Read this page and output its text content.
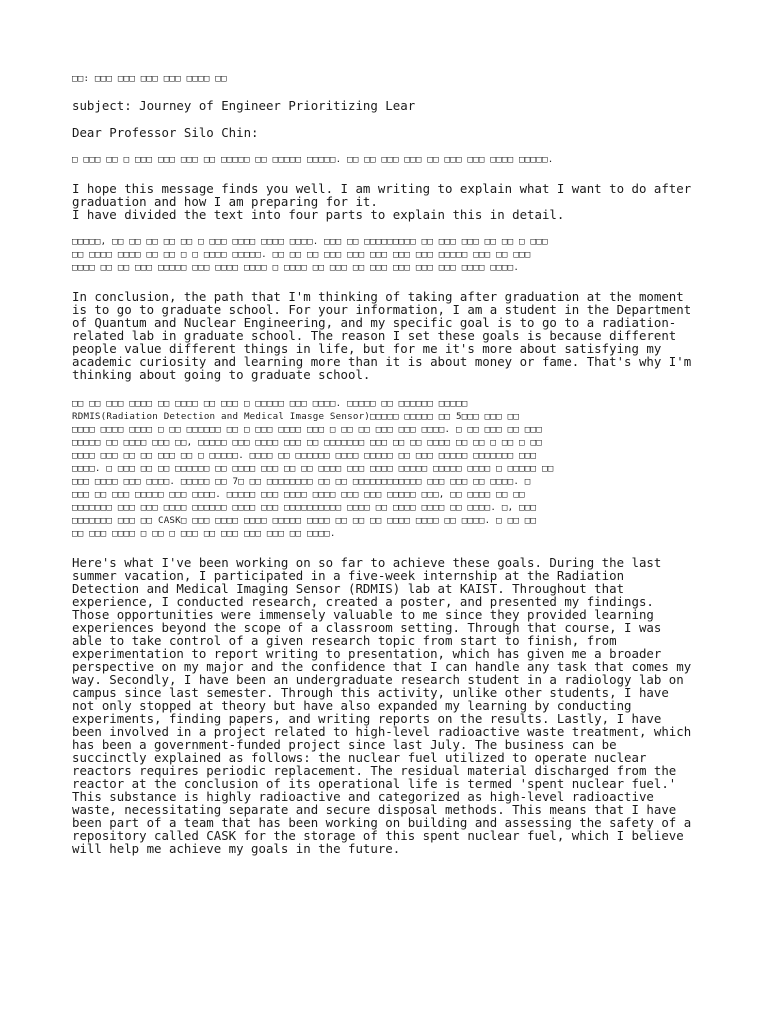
□□: □□□ □□□ □□□ □□□ □□□□ □□
subject: Journey of Engineer Prioritizing Lear
Dear Professor Silo Chin:
□ □□□ □□ □ □□□ □□□ □□□ □□ □□□□□ □□ □□□□□ □□□□□. □□ □□ □□□ □□□ □□ □□□ □□□ □□□□ □□□□□.
I hope this message finds you well. I am writing to explain what I want to do after
graduation and how I am preparing for it.
I have divided the text into four parts to explain this in detail.
□□□□□, □□ □□ □□ □□ □□ □ □□□ □□□□ □□□□ □□□□. □□□ □□ □□□□□□□□□ □□ □□□ □□□ □□ □□ □ □□□
□□ □□□□ □□□□ □□ □□ □ □ □□□□ □□□□□. □□ □□ □□ □□□ □□□ □□□ □□□ □□□ □□□□□ □□□ □□ □□□
□□□□ □□ □□ □□□ □□□□□ □□□ □□□□ □□□□ □ □□□□ □□ □□□ □□ □□□ □□□ □□□ □□□ □□□□ □□□□.
In conclusion, the path that I'm thinking of taking after graduation at the moment
is to go to graduate school. For your information, I am a student in the Department
of Quantum and Nuclear Engineering, and my specific goal is to go to a radiation-
related lab in graduate school. The reason I set these goals is because different
people value different things in life, but for me it's more about satisfying my
academic curiosity and learning more than it is about money or fame. That's why I'm
thinking about going to graduate school.
□□ □□ □□□ □□□□ □□ □□□□ □□ □□□ □ □□□□□ □□□ □□□□. □□□□□ □□ □□□□□□ □□□□□
RDMIS(Radiation Detection and Medical Imasge Sensor)□□□□□ □□□□□ □□ 5□□□ □□□ □□
□□□□ □□□□ □□□□ □ □□ □□□□□□ □□ □ □□□ □□□□ □□□ □ □□ □□ □□□ □□□ □□□□. □ □□ □□□ □□ □□□
□□□□□ □□ □□□□ □□□ □□, □□□□□ □□□ □□□□ □□□ □□ □□□□□□□ □□□ □□ □□ □□□□ □□ □□ □ □□ □ □□
□□□□ □□□ □□ □□ □□□ □□ □ □□□□□. □□□□ □□ □□□□□□ □□□□ □□□□□ □□ □□□ □□□□□ □□□□□□□ □□□
□□□□. □ □□□ □□ □□ □□□□□□ □□ □□□□ □□□ □□ □□ □□□□ □□□ □□□□ □□□□□ □□□□□ □□□□ □ □□□□□ □□
□□□ □□□□ □□□ □□□□. □□□□□ □□ 7□ □□ □□□□□□□□ □□ □□ □□□□□□□□□□□□ □□□ □□□ □□ □□□□. □
□□□ □□ □□□ □□□□□ □□□ □□□□. □□□□□ □□□ □□□□ □□□□ □□□ □□□ □□□□□ □□□, □□ □□□□ □□ □□
□□□□□□□ □□□ □□□ □□□□ □□□□□□ □□□□ □□□ □□□□□□□□□□ □□□□ □□ □□□□ □□□□ □□ □□□□. □, □□□
□□□□□□□ □□□ □□ CASK□ □□□ □□□□ □□□□ □□□□□ □□□□ □□ □□ □□ □□□□ □□□□ □□ □□□□. □ □□ □□
□□ □□□ □□□□ □ □□ □ □□□ □□ □□□ □□□ □□□ □□ □□□□.
Here's what I've been working on so far to achieve these goals. During the last
summer vacation, I participated in a five-week internship at the Radiation
Detection and Medical Imaging Sensor (RDMIS) lab at KAIST. Throughout that
experience, I conducted research, created a poster, and presented my findings.
Those opportunities were immensely valuable to me since they provided learning
experiences beyond the scope of a classroom setting. Through that course, I was
able to take control of a given research topic from start to finish, from
experimentation to report writing to presentation, which has given me a broader
perspective on my major and the confidence that I can handle any task that comes my
way. Secondly, I have been an undergraduate research student in a radiology lab on
campus since last semester. Through this activity, unlike other students, I have
not only stopped at theory but have also expanded my learning by conducting
experiments, finding papers, and writing reports on the results. Lastly, I have
been involved in a project related to high-level radioactive waste treatment, which
has been a government-funded project since last July. The business can be
succinctly explained as follows: the nuclear fuel utilized to operate nuclear
reactors requires periodic replacement. The residual material discharged from the
reactor at the conclusion of its operational life is termed 'spent nuclear fuel.'
This substance is highly radioactive and categorized as high-level radioactive
waste, necessitating separate and secure disposal methods. This means that I have
been part of a team that has been working on building and assessing the safety of a
repository called CASK for the storage of this spent nuclear fuel, which I believe
will help me achieve my goals in the future.
